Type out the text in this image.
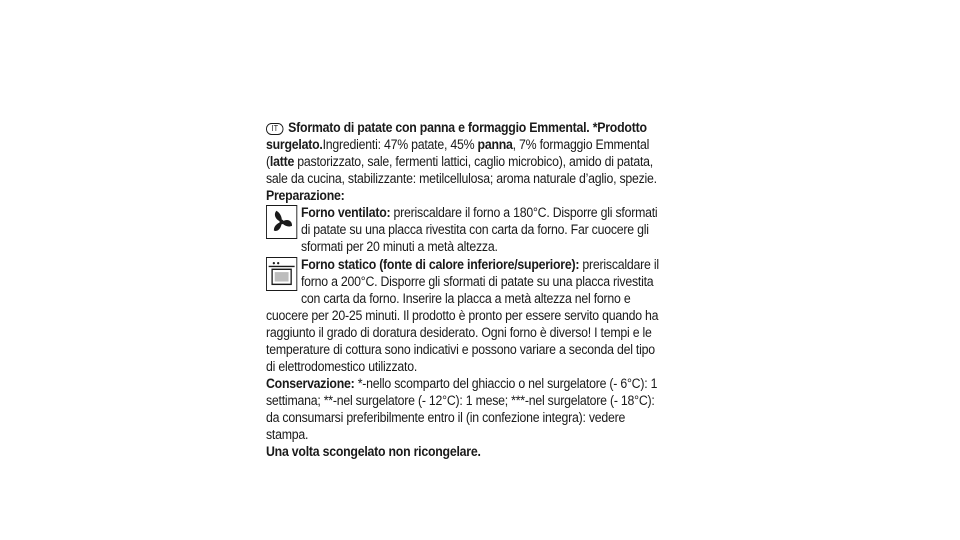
IT Sformato di patate con panna e formaggio Emmental. *Prodotto surgelato.Ingredienti: 47% patate, 45% panna, 7% formaggio Emmental (latte pastorizzato, sale, fermenti lattici, caglio microbico), amido di patata, sale da cucina, stabilizzante: metilcellulosa; aroma naturale d’aglio, spezie.

Preparazione:

Forno ventilato: preriscaldare il forno a 180°C. Disporre gli sformati di patate su una placca rivestita con carta da forno. Far cuocere gli sformati per 20 minuti a metà altezza.

Forno statico (fonte di calore inferiore/superiore): preriscaldare il forno a 200°C. Disporre gli sformati di patate su una placca rivestita con carta da forno. Inserire la placca a metà altezza nel forno e cuocere per 20-25 minuti. Il prodotto è pronto per essere servito quando ha raggiunto il grado di doratura desiderato. Ogni forno è diverso! I tempi e le temperature di cottura sono indicativi e possono variare a seconda del tipo di elettrodomestico utilizzato.

Conservazione: *-nello scomparto del ghiaccio o nel surgelatore (- 6°C): 1 settimana; **-nel surgelatore (- 12°C): 1 mese; ***-nel surgelatore (- 18°C): da consumarsi preferibilmente entro il (in confezione integra): vedere stampa.

Una volta scongelato non ricongelare.
